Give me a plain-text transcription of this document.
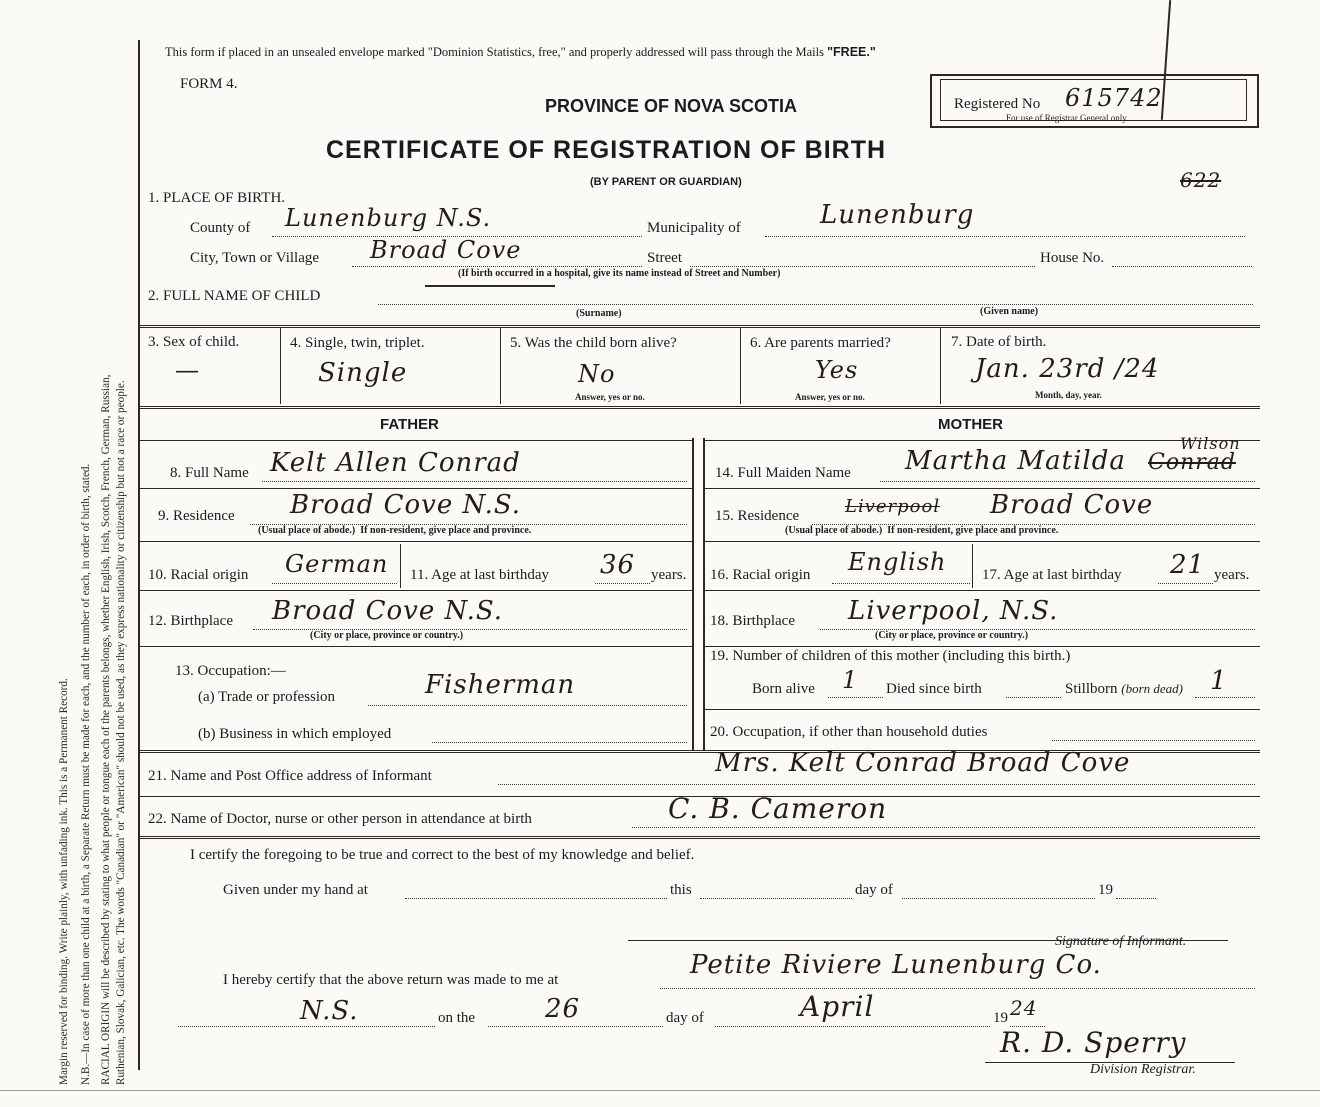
Margin reserved for binding. Write plainly, with unfading ink. This is a Permanent Record. N.B.—In case of more than one child at a birth, a Separate Return must be made for each, and the number of each, in order of birth, stated. RACIAL ORIGIN will be described by stating to what people or tongue each of the parents belongs, whether English, Irish, Scotch, French, German, Russian, Ruthenian, Slovak, Galician, etc. The words "Canadian" or "American" should not be used, as they express nationality or citizenship but not a race or people.
This form if placed in an unsealed envelope marked "Dominion Statistics, free," and properly addressed will pass through the Mails "FREE."
FORM 4.
PROVINCE OF NOVA SCOTIA
CERTIFICATE OF REGISTRATION OF BIRTH
(BY PARENT OR GUARDIAN)
Registered No 615742
For use of Registrar General only.
622
1. PLACE OF BIRTH.
County of Lunenburg N.S.	Municipality of	Lunenburg
City, Town or Village Broad Cove	Street	House No.
(If birth occurred in a hospital, give its name instead of Street and Number)
2. FULL NAME OF CHILD
(Surname)	(Given name)
3. Sex of child.
—
4. Single, twin, triplet.
Single
5. Was the child born alive?
No
Answer, yes or no.
6. Are parents married?
Yes
Answer, yes or no.
7. Date of birth.
Jan. 23rd /24
Month, day, year.
FATHER	MOTHER
8. Full Name Kelt Allen Conrad
9. Residence Broad Cove N.S.
(Usual place of abode.) If non-resident, give place and province.
10. Racial origin German 11. Age at last birthday 36 years.
12. Birthplace Broad Cove N.S.
(City or place, province or country.)
13. Occupation:—
(a) Trade or profession	Fisherman
(b) Business in which employed
14. Full Maiden Name Martha Matilda Conrad
Wilson
15. Residence	Liverpool Broad Cove
(Usual place of abode.) If non-resident, give place and province.
16. Racial origin English 17. Age at last birthday 21 years.
18. Birthplace Liverpool, N.S.
(City or place, province or country.)
19. Number of children of this mother (including this birth.)
Born alive 1 Died since birth	Stillborn (born dead) 1
20. Occupation, if other than household duties
21. Name and Post Office address of Informant	Mrs. Kelt Conrad Broad Cove
22. Name of Doctor, nurse or other person in attendance at birth	C. B. Cameron
I certify the foregoing to be true and correct to the best of my knowledge and belief.
Given under my hand at	this	day of	19
Signature of Informant.
I hereby certify that the above return was made to me at	Petite Riviere Lunenburg Co.
N.S.	on the	26	day of	April	19 24
R. D. Sperry
Division Registrar.
